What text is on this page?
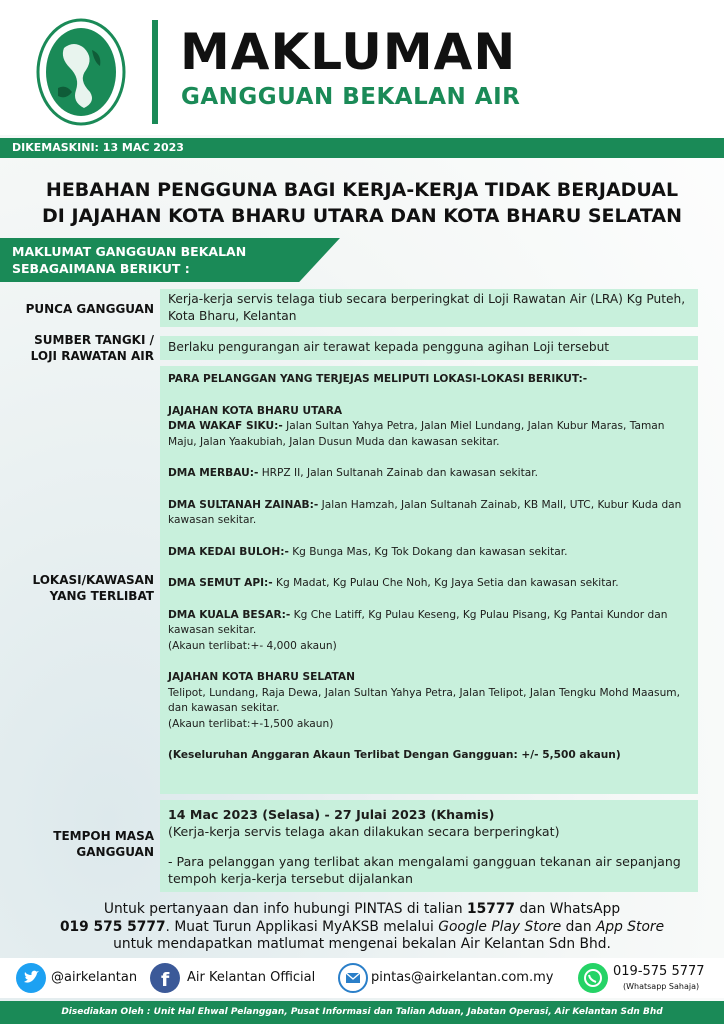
MAKLUMAN
GANGGUAN BEKALAN AIR
DIKEMASKINI: 13 MAC 2023
HEBAHAN PENGGUNA BAGI KERJA-KERJA TIDAK BERJADUAL
DI JAJAHAN KOTA BHARU UTARA DAN KOTA BHARU SELATAN
MAKLUMAT GANGGUAN BEKALAN
SEBAGAIMANA BERIKUT :
PUNCA GANGGUAN
Kerja-kerja servis telaga tiub secara berperingkat di Loji Rawatan Air (LRA) Kg Puteh, Kota Bharu, Kelantan
SUMBER TANGKI /
LOJI RAWATAN AIR
Berlaku pengurangan air terawat kepada pengguna agihan Loji tersebut
LOKASI/KAWASAN
YANG TERLIBAT
PARA PELANGGAN YANG TERJEJAS MELIPUTI LOKASI-LOKASI BERIKUT:-
JAJAHAN KOTA BHARU UTARA
DMA WAKAF SIKU:- Jalan Sultan Yahya Petra, Jalan Miel Lundang, Jalan Kubur Maras, Taman Maju, Jalan Yaakubiah, Jalan Dusun Muda dan kawasan sekitar.
DMA MERBAU:- HRPZ II, Jalan Sultanah Zainab dan kawasan sekitar.
DMA SULTANAH ZAINAB:- Jalan Hamzah, Jalan Sultanah Zainab, KB Mall, UTC, Kubur Kuda dan kawasan sekitar.
DMA KEDAI BULOH:- Kg Bunga Mas, Kg Tok Dokang dan kawasan sekitar.
DMA SEMUT API:- Kg Madat, Kg Pulau Che Noh, Kg Jaya Setia dan kawasan sekitar.
DMA KUALA BESAR:- Kg Che Latiff, Kg Pulau Keseng, Kg Pulau Pisang, Kg Pantai Kundor dan kawasan sekitar.
(Akaun terlibat:+- 4,000 akaun)
JAJAHAN KOTA BHARU SELATAN
Telipot, Lundang, Raja Dewa, Jalan Sultan Yahya Petra, Jalan Telipot, Jalan Tengku Mohd Maasum, dan kawasan sekitar.
(Akaun terlibat:+-1,500 akaun)
(Keseluruhan Anggaran Akaun Terlibat Dengan Gangguan: +/- 5,500 akaun)
TEMPOH MASA
GANGGUAN
14 Mac 2023 (Selasa) - 27 Julai 2023 (Khamis)
(Kerja-kerja servis telaga akan dilakukan secara berperingkat)
- Para pelanggan yang terlibat akan mengalami gangguan tekanan air sepanjang tempoh kerja-kerja tersebut dijalankan
Untuk pertanyaan dan info hubungi PINTAS di talian 15777 dan WhatsApp
019 575 5777. Muat Turun Applikasi MyAKSB melalui Google Play Store dan App Store
untuk mendapatkan matlumat mengenai bekalan Air Kelantan Sdn Bhd.
@airkelantan f Air Kelantan Official	pintas@airkelantan.com.my	019-575 5777
(Whatsapp Sahaja)
Disediakan Oleh : Unit Hal Ehwal Pelanggan, Pusat Informasi dan Talian Aduan, Jabatan Operasi, Air Kelantan Sdn Bhd
